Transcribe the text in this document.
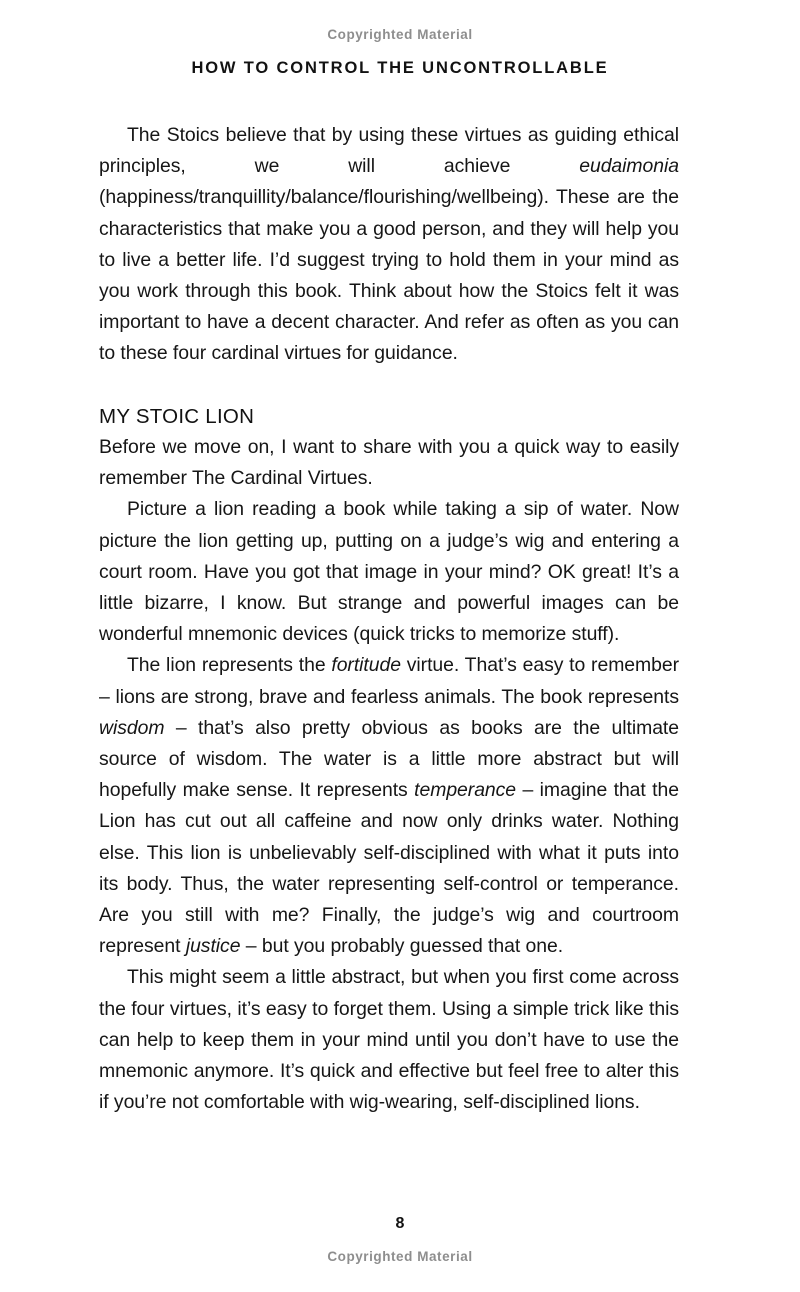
Copyrighted Material
HOW TO CONTROL THE UNCONTROLLABLE

The Stoics believe that by using these virtues as guiding ethical principles, we will achieve eudaimonia (happiness/tranquillity/balance/flourishing/wellbeing). These are the characteristics that make you a good person, and they will help you to live a better life. I’d suggest trying to hold them in your mind as you work through this book. Think about how the Stoics felt it was important to have a decent character. And refer as often as you can to these four cardinal virtues for guidance.

MY STOIC LION

Before we move on, I want to share with you a quick way to easily remember The Cardinal Virtues.

Picture a lion reading a book while taking a sip of water. Now picture the lion getting up, putting on a judge’s wig and entering a court room. Have you got that image in your mind? OK great! It’s a little bizarre, I know. But strange and powerful images can be wonderful mnemonic devices (quick tricks to memorize stuff).

The lion represents the fortitude virtue. That’s easy to remember – lions are strong, brave and fearless animals. The book represents wisdom – that’s also pretty obvious as books are the ultimate source of wisdom. The water is a little more abstract but will hopefully make sense. It represents temperance – imagine that the Lion has cut out all caffeine and now only drinks water. Nothing else. This lion is unbelievably self-disciplined with what it puts into its body. Thus, the water representing self-control or temperance. Are you still with me? Finally, the judge’s wig and courtroom represent justice – but you probably guessed that one.

This might seem a little abstract, but when you first come across the four virtues, it’s easy to forget them. Using a simple trick like this can help to keep them in your mind until you don’t have to use the mnemonic anymore. It’s quick and effective but feel free to alter this if you’re not comfortable with wig-wearing, self-disciplined lions.

8
Copyrighted Material
